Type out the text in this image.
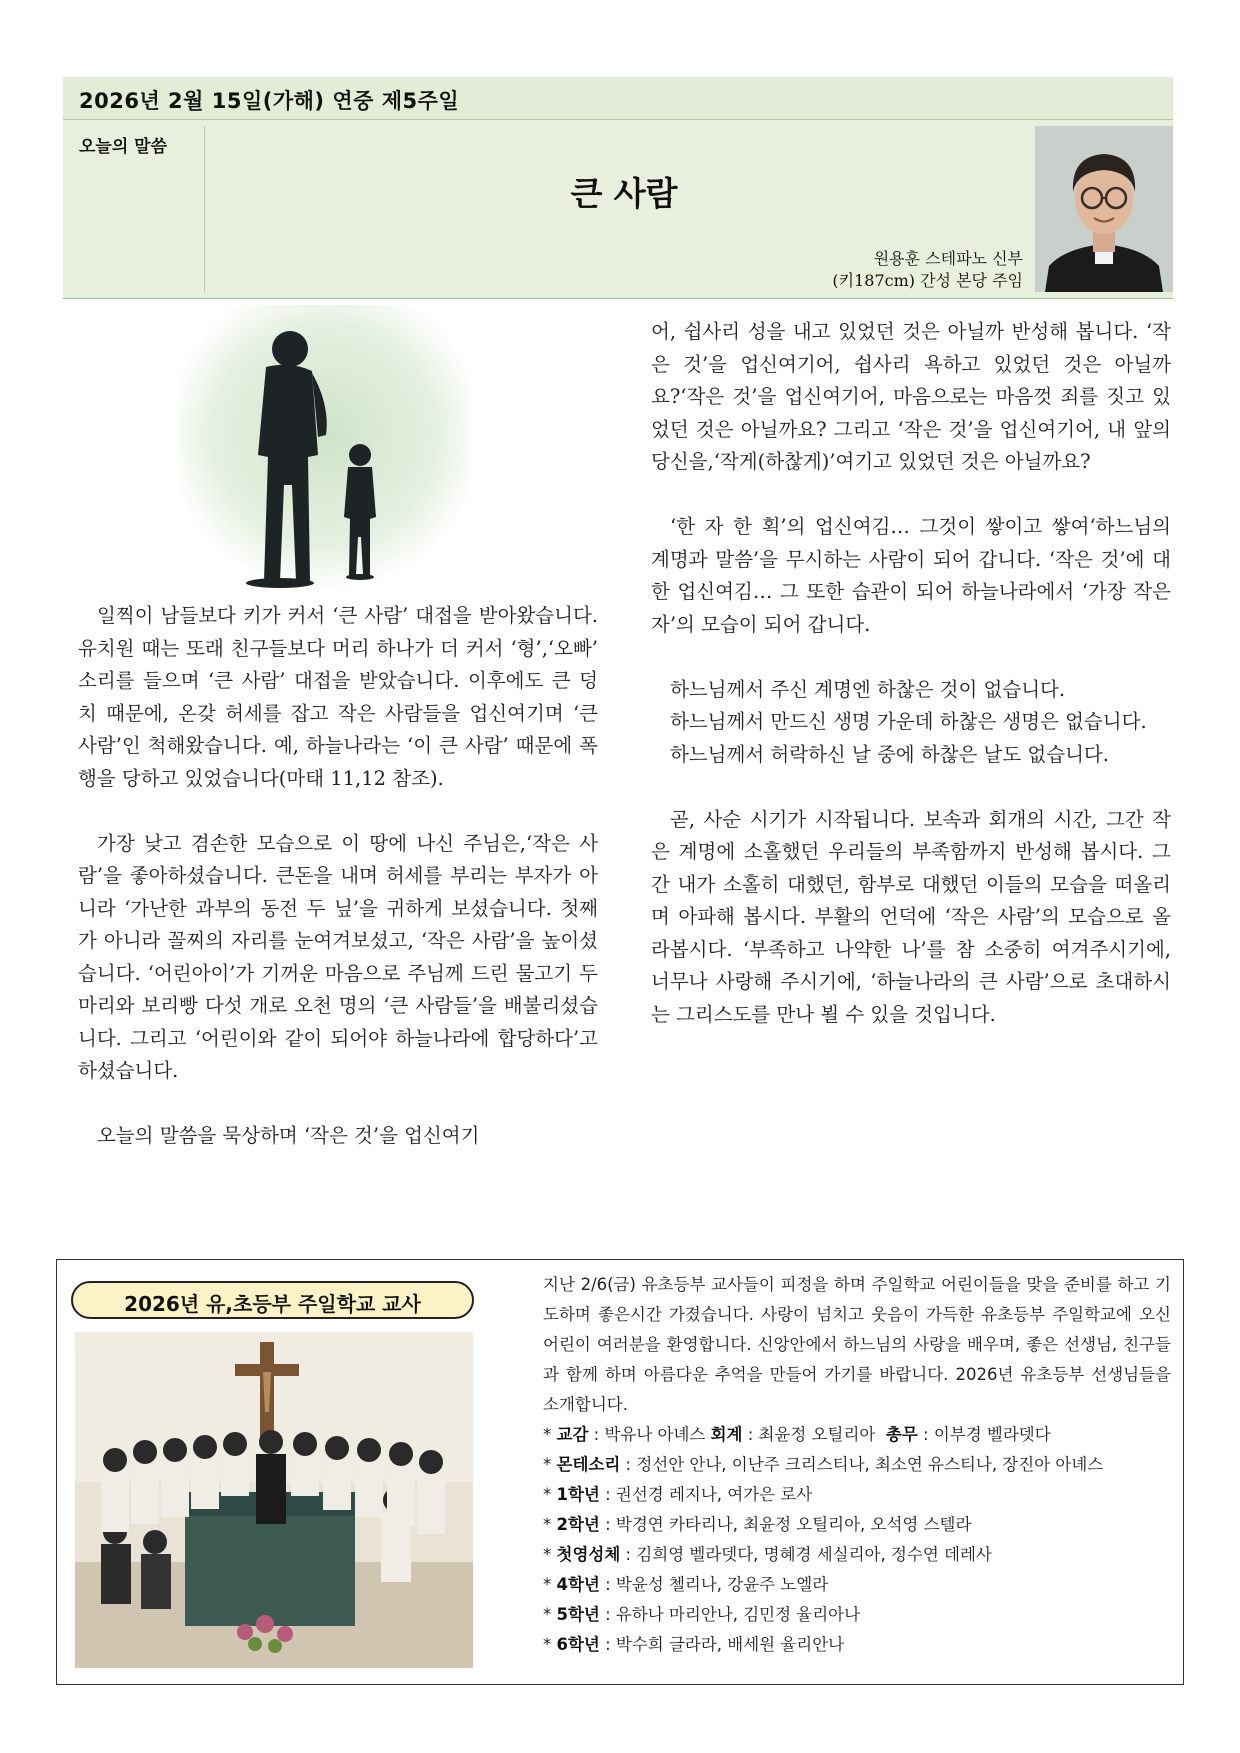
2026년 2월 15일(가해) 연중 제5주일
오늘의 말씀
큰 사람
원용훈 스테파노 신부
(키187cm) 간성 본당 주임

일찍이 남들보다 키가 커서 ‘큰 사람’ 대접을 받아왔습니다. 유치원 때는 또래 친구들보다 머리 하나가 더 커서 ‘형’,‘오빠’ 소리를 들으며 ‘큰 사람’ 대접을 받았습니다. 이후에도 큰 덩치 때문에, 온갖 허세를 잡고 작은 사람들을 업신여기며 ‘큰 사람’인 척해왔습니다. 예, 하늘나라는 ‘이 큰 사람’ 때문에 폭행을 당하고 있었습니다(마태 11,12 참조).

가장 낮고 겸손한 모습으로 이 땅에 나신 주님은,‘작은 사람’을 좋아하셨습니다. 큰돈을 내며 허세를 부리는 부자가 아니라 ‘가난한 과부의 동전 두 닢’을 귀하게 보셨습니다. 첫째가 아니라 꼴찌의 자리를 눈여겨보셨고, ‘작은 사람’을 높이셨습니다. ‘어린아이’가 기꺼운 마음으로 주님께 드린 물고기 두 마리와 보리빵 다섯 개로 오천 명의 ‘큰 사람들’을 배불리셨습니다. 그리고 ‘어린이와 같이 되어야 하늘나라에 합당하다’고 하셨습니다.

오늘의 말씀을 묵상하며 ‘작은 것’을 업신여기

어, 쉽사리 성을 내고 있었던 것은 아닐까 반성해 봅니다. ‘작은 것’을 업신여기어, 쉽사리 욕하고 있었던 것은 아닐까요?‘작은 것’을 업신여기어, 마음으로는 마음껏 죄를 짓고 있었던 것은 아닐까요? 그리고 ‘작은 것’을 업신여기어, 내 앞의 당신을,‘작게(하찮게)’여기고 있었던 것은 아닐까요?

‘한 자 한 획’의 업신여김… 그것이 쌓이고 쌓여‘하느님의 계명과 말씀’을 무시하는 사람이 되어 갑니다. ‘작은 것’에 대한 업신여김… 그 또한 습관이 되어 하늘나라에서 ‘가장 작은 자’의 모습이 되어 갑니다.

하느님께서 주신 계명엔 하찮은 것이 없습니다.

하느님께서 만드신 생명 가운데 하찮은 생명은 없습니다.

하느님께서 허락하신 날 중에 하찮은 날도 없습니다.

곧, 사순 시기가 시작됩니다. 보속과 회개의 시간, 그간 작은 계명에 소홀했던 우리들의 부족함까지 반성해 봅시다. 그간 내가 소홀히 대했던, 함부로 대했던 이들의 모습을 떠올리며 아파해 봅시다. 부활의 언덕에 ‘작은 사람’의 모습으로 올라봅시다. ‘부족하고 나약한 나’를 참 소중히 여겨주시기에, 너무나 사랑해 주시기에, ‘하늘나라의 큰 사람’으로 초대하시는 그리스도를 만나 뵐 수 있을 것입니다.

2026년 유,초등부 주일학교 교사

지난 2/6(금) 유초등부 교사들이 피정을 하며 주일학교 어린이들을 맞을 준비를 하고 기도하며 좋은시간 가졌습니다. 사랑이 넘치고 웃음이 가득한 유초등부 주일학교에 오신 어린이 여러분을 환영합니다. 신앙안에서 하느님의 사랑을 배우며, 좋은 선생님, 친구들과 함께 하며 아름다운 추억을 만들어 가기를 바랍니다. 2026년 유초등부 선생님들을 소개합니다.

* 교감 : 박유나 아녜스 회계 : 최윤정 오틸리아 총무 : 이부경 벨라뎃다
* 몬테소리 : 정선안 안나, 이난주 크리스티나, 최소연 유스티나, 장진아 아녜스
* 1학년 : 권선경 레지나, 여가은 로사
* 2학년 : 박경연 카타리나, 최윤정 오틸리아, 오석영 스텔라
* 첫영성체 : 김희영 벨라뎃다, 명혜경 세실리아, 정수연 데레사
* 4학년 : 박윤성 첼리나, 강윤주 노엘라
* 5학년 : 유하나 마리안나, 김민정 율리아나
* 6학년 : 박수희 글라라, 배세원 율리안나
